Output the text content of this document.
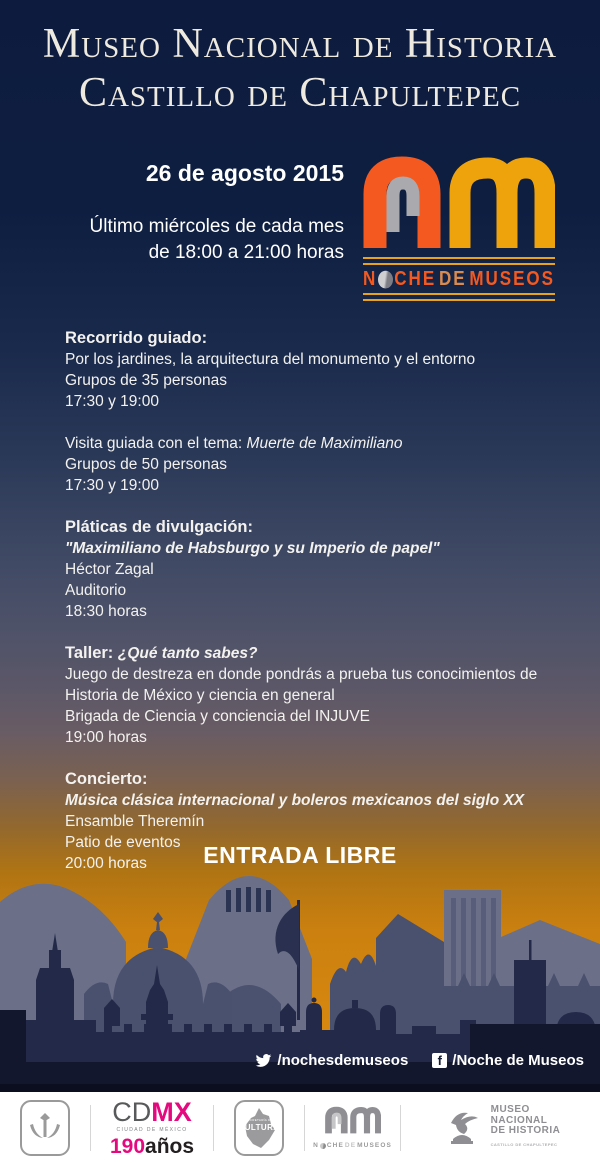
Museo Nacional de Historia
Castillo de Chapultepec
26 de agosto 2015
Último miércoles de cada mes
de 18:00 a 21:00 horas
N CHE DE MUSEOS
Recorrido guiado:
Por los jardines, la arquitectura del monumento y el entorno
Grupos de 35 personas
17:30 y 19:00
Visita guiada con el tema: Muerte de Maximiliano
Grupos de 50 personas
17:30 y 19:00
Pláticas de divulgación:
"Maximiliano de Habsburgo y su Imperio de papel"
Héctor Zagal
Auditorio
18:30 horas
Taller: ¿Qué tanto sabes?
Juego de destreza en donde pondrás a prueba tus conocimientos de
Historia de México y ciencia en general
Brigada de Ciencia y conciencia del INJUVE
19:00 horas
Concierto:
Música clásica internacional y boleros mexicanos del siglo XX
Ensamble Theremín
Patio de eventos
20:00 horas	ENTRADA LIBRE
/nochesdemuseos	f /Noche de Museos
CDMX
CIUDAD DE MÉXICO
190años
SECRETARÍA DE
CULTURA
N CHE DE MUSEOS
MUSEO
NACIONAL
DE HISTORIA
CASTILLO DE CHAPULTEPEC
